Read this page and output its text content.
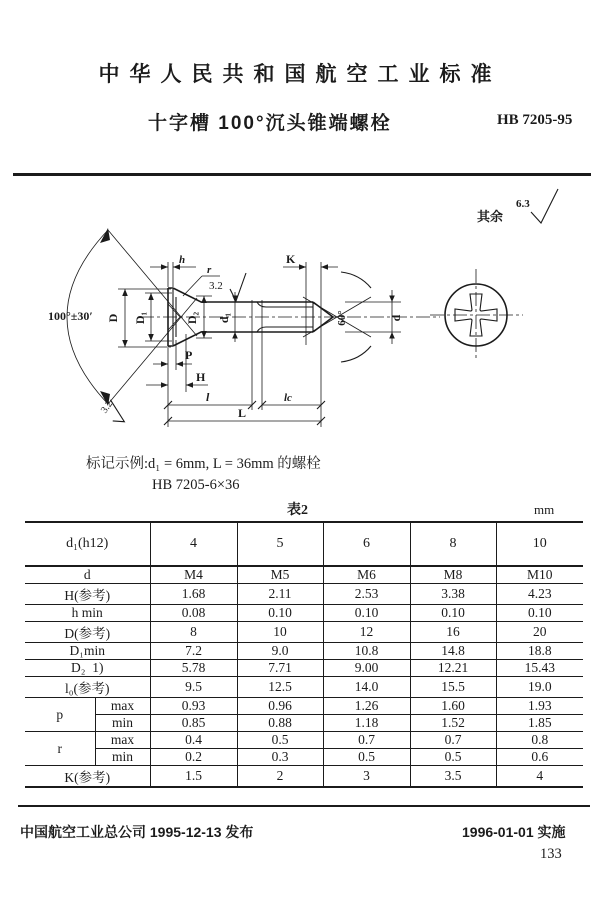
中华人民共和国航空工业标准
十字槽 100°沉头锥端螺栓	HB 7205-95
其余
6.3
3.2
100°±30′
h
r
3.2
K
D D₁	D₂ d₁	60°	d
P
H
l	lc
L
标记示例:d₁ = 6mm, L = 36mm 的螺栓
HB 7205-6×36
表2	mm
d₁(h12)		4	5	6	8	10
d		M4	M5	M6	M8	M10
H(参考)		1.68	2.11	2.53	3.38	4.23
h min		0.08	0.10	0.10	0.10	0.10
D(参考)		8	10	12	16	20
D₁min		7.2	9.0	10.8	14.8	18.8
D₂  1)		5.78	7.71	9.00	12.21	15.43
l₀(参考)		9.5	12.5	14.0	15.5	19.0
p	max	0.93	0.96	1.26	1.60	1.93
	min	0.85	0.88	1.18	1.52	1.85
r	max	0.4	0.5	0.7	0.7	0.8
	min	0.2	0.3	0.5	0.5	0.6
K(参考)		1.5	2	3	3.5	4
中国航空工业总公司 1995-12-13 发布	1996-01-01 实施
133
